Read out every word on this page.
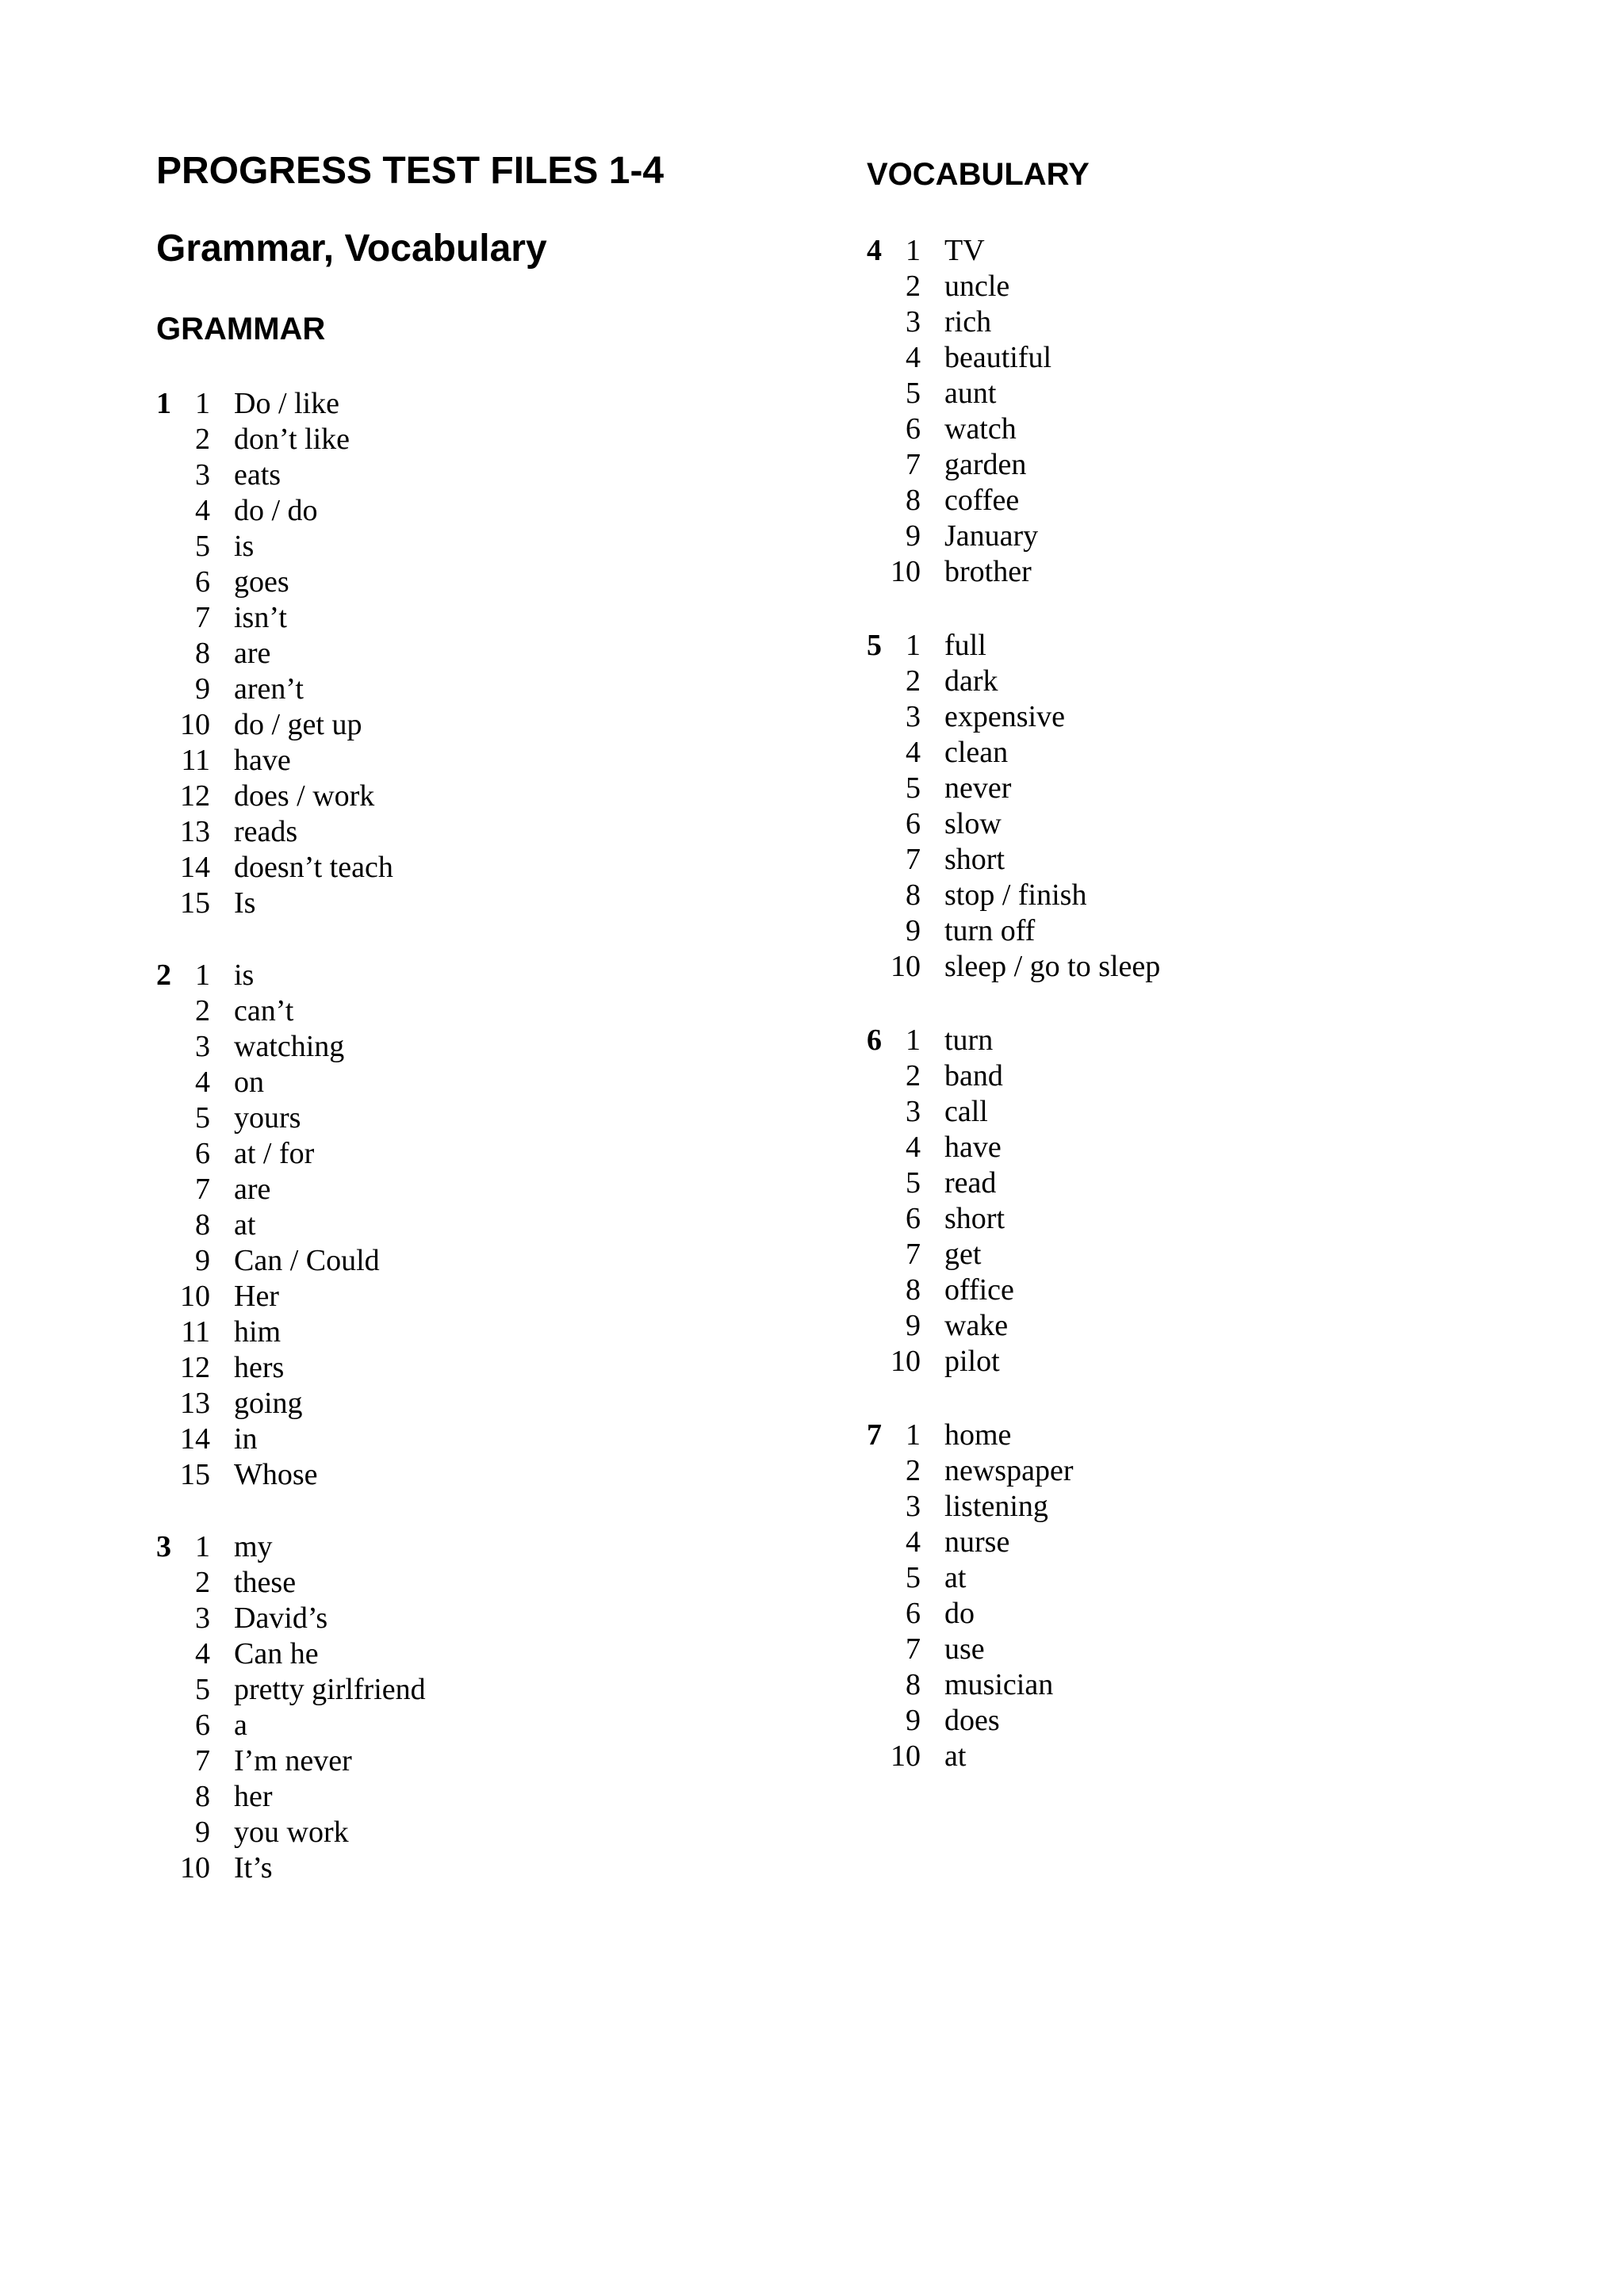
PROGRESS TEST FILES 1-4
Grammar, Vocabulary
GRAMMAR
1 1 Do / like
2 don’t like
3 eats
4 do / do
5 is
6 goes
7 isn’t
8 are
9 aren’t
10 do / get up
11 have
12 does / work
13 reads
14 doesn’t teach
15 Is
2 1 is
2 can’t
3 watching
4 on
5 yours
6 at / for
7 are
8 at
9 Can / Could
10 Her
11 him
12 hers
13 going
14 in
15 Whose
3 1 my
2 these
3 David’s
4 Can he
5 pretty girlfriend
6 a
7 I’m never
8 her
9 you work
10 It’s
VOCABULARY
4 1 TV
2 uncle
3 rich
4 beautiful
5 aunt
6 watch
7 garden
8 coffee
9 January
10 brother
5 1 full
2 dark
3 expensive
4 clean
5 never
6 slow
7 short
8 stop / finish
9 turn off
10 sleep / go to sleep
6 1 turn
2 band
3 call
4 have
5 read
6 short
7 get
8 office
9 wake
10 pilot
7 1 home
2 newspaper
3 listening
4 nurse
5 at
6 do
7 use
8 musician
9 does
10 at
